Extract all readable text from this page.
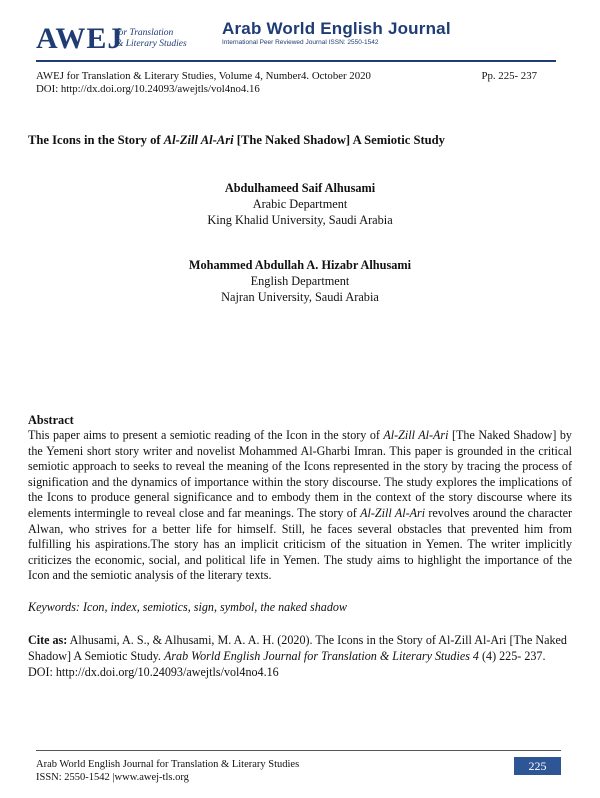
AWEJ
for Translation
& Literary Studies
Arab World English Journal
International Peer Reviewed Journal ISSN: 2550-1542
AWEJ for Translation & Literary Studies, Volume 4, Number4. October 2020
DOI: http://dx.doi.org/10.24093/awejtls/vol4no4.16
Pp. 225- 237
The Icons in the Story of Al-Zill Al-Ari [The Naked Shadow] A Semiotic Study
Abdulhameed Saif Alhusami
Arabic Department
King Khalid University, Saudi Arabia
Mohammed Abdullah A. Hizabr Alhusami
English Department
Najran University, Saudi Arabia
Abstract
This paper aims to present a semiotic reading of the Icon in the story of Al-Zill Al-Ari [The Naked Shadow] by the Yemeni short story writer and novelist Mohammed Al-Gharbi Imran. This paper is grounded in the critical semiotic approach to seeks to reveal the meaning of the Icons represented in the story by tracing the process of signification and the dynamics of importance within the story discourse. The study explores the implications of the Icons to produce general significance and to embody them in the context of the story discourse where its elements intermingle to reveal close and far meanings. The story of Al-Zill Al-Ari revolves around the character Alwan, who strives for a better life for himself. Still, he faces several obstacles that prevented him from fulfilling his aspirations.The story has an implicit criticism of the situation in Yemen. The writer implicitly criticizes the economic, social, and political life in Yemen. The study aims to highlight the importance of the Icon and the semiotic analysis of the literary texts.
Keywords: Icon, index, semiotics, sign, symbol, the naked shadow
Cite as: Alhusami, A. S., & Alhusami, M. A. A. H. (2020). The Icons in the Story of Al-Zill Al-Ari [The Naked Shadow] A Semiotic Study. Arab World English Journal for Translation & Literary Studies 4 (4) 225- 237. DOI: http://dx.doi.org/10.24093/awejtls/vol4no4.16
Arab World English Journal for Translation & Literary Studies
ISSN: 2550-1542 |www.awej-tls.org
225
